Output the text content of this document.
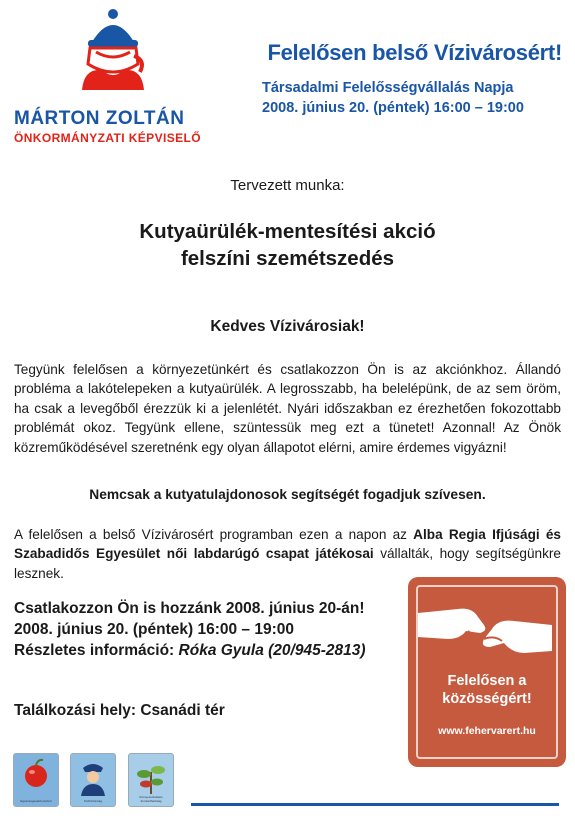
MÁRTON ZOLTÁN
ÖNKORMÁNYZATI KÉPVISELŐ
Felelősen belső Vízivárosért!
Társadalmi Felelősségvállalás Napja
2008. június 20. (péntek) 16:00 – 19:00
Tervezett munka:
Kutyaürülék-mentesítési akció
felszíni szemétszedés
Kedves Vízivárosiak!
Tegyünk felelősen a környezetünkért és csatlakozzon Ön is az akciónkhoz. Állandó probléma a lakótelepeken a kutyaürülék. A legrosszabb, ha belelépünk, de az sem öröm, ha csak a levegőből érezzük ki a jelenlétét. Nyári időszakban ez érezhetően fokozottabb problémát okoz. Tegyünk ellene, szüntessük meg ezt a tünetet! Azonnal! Az Önök közreműködésével szeretnénk egy olyan állapotot elérni, amire érdemes vigyázni!
Nemcsak a kutyatulajdonosok segítségét fogadjuk szívesen.
A felelősen a belső Vízivárosért programban ezen a napon az Alba Regia Ifjúsági és Szabadidős Egyesület női labdarúgó csapat játékosai vállalták, hogy segítségünkre lesznek.
Csatlakozzon Ön is hozzánk 2008. június 20-án!
2008. június 20. (péntek) 16:00 – 19:00
Részletes információ: Róka Gyula (20/945-2813)
Találkozási hely: Csanádi tér
Felelősen a
közösségért!
www.fehervarert.hu
Egészségesebb jövőért	Közbiztonság
Környezettudatos fenntarthatóság
